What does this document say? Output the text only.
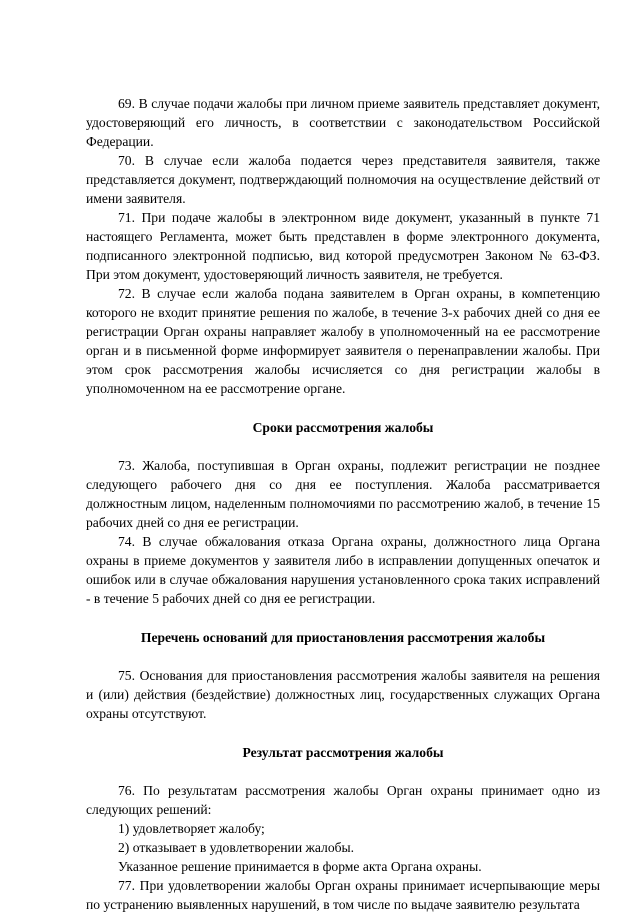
69. В случае подачи жалобы при личном приеме заявитель представляет документ, удостоверяющий его личность, в соответствии с законодательством Российской Федерации.

70. В случае если жалоба подается через представителя заявителя, также представляется документ, подтверждающий полномочия на осуществление действий от имени заявителя.

71. При подаче жалобы в электронном виде документ, указанный в пункте 71 настоящего Регламента, может быть представлен в форме электронного документа, подписанного электронной подписью, вид которой предусмотрен Законом № 63-ФЗ. При этом документ, удостоверяющий личность заявителя, не требуется.

72. В случае если жалоба подана заявителем в Орган охраны, в компетенцию которого не входит принятие решения по жалобе, в течение 3-х рабочих дней со дня ее регистрации Орган охраны направляет жалобу в уполномоченный на ее рассмотрение орган и в письменной форме информирует заявителя о перенаправлении жалобы. При этом срок рассмотрения жалобы исчисляется со дня регистрации жалобы в уполномоченном на ее рассмотрение органе.

Сроки рассмотрения жалобы

73. Жалоба, поступившая в Орган охраны, подлежит регистрации не позднее следующего рабочего дня со дня ее поступления. Жалоба рассматривается должностным лицом, наделенным полномочиями по рассмотрению жалоб, в течение 15 рабочих дней со дня ее регистрации.

74. В случае обжалования отказа Органа охраны, должностного лица Органа охраны в приеме документов у заявителя либо в исправлении допущенных опечаток и ошибок или в случае обжалования нарушения установленного срока таких исправлений - в течение 5 рабочих дней со дня ее регистрации.

Перечень оснований для приостановления рассмотрения жалобы

75. Основания для приостановления рассмотрения жалобы заявителя на решения и (или) действия (бездействие) должностных лиц, государственных служащих Органа охраны отсутствуют.

Результат рассмотрения жалобы

76. По результатам рассмотрения жалобы Орган охраны принимает одно из следующих решений:

1) удовлетворяет жалобу;

2) отказывает в удовлетворении жалобы.

Указанное решение принимается в форме акта Органа охраны.

77. При удовлетворении жалобы Орган охраны принимает исчерпывающие меры по устранению выявленных нарушений, в том числе по выдаче заявителю результата
